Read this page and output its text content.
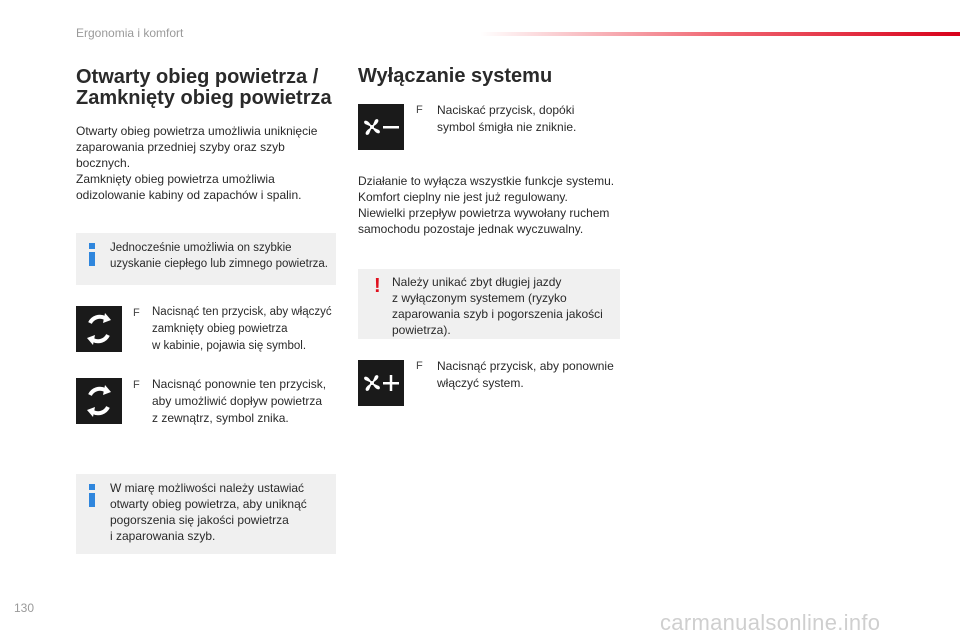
Ergonomia i komfort
Otwarty obieg powietrza / Zamknięty obieg powietrza
Otwarty obieg powietrza umożliwia uniknięcie
zaparowania przedniej szyby oraz szyb
bocznych.
Zamknięty obieg powietrza umożliwia
odizolowanie kabiny od zapachów i spalin.
Jednocześnie umożliwia on szybkie
uzyskanie ciepłego lub zimnego powietrza.
F Nacisnąć ten przycisk, aby włączyć
zamknięty obieg powietrza
w kabinie, pojawia się symbol.
F Nacisnąć ponownie ten przycisk,
aby umożliwić dopływ powietrza
z zewnątrz, symbol znika.
W miarę możliwości należy ustawiać
otwarty obieg powietrza, aby uniknąć
pogorszenia się jakości powietrza
i zaparowania szyb.
Wyłączanie systemu
F Naciskać przycisk, dopóki
symbol śmigła nie zniknie.
Działanie to wyłącza wszystkie funkcje systemu.
Komfort cieplny nie jest już regulowany.
Niewielki przepływ powietrza wywołany ruchem
samochodu pozostaje jednak wyczuwalny.
! Należy unikać zbyt długiej jazdy
z wyłączonym systemem (ryzyko
zaparowania szyb i pogorszenia jakości
powietrza).
F Nacisnąć przycisk, aby ponownie
włączyć system.
130
carmanualsonline.info
